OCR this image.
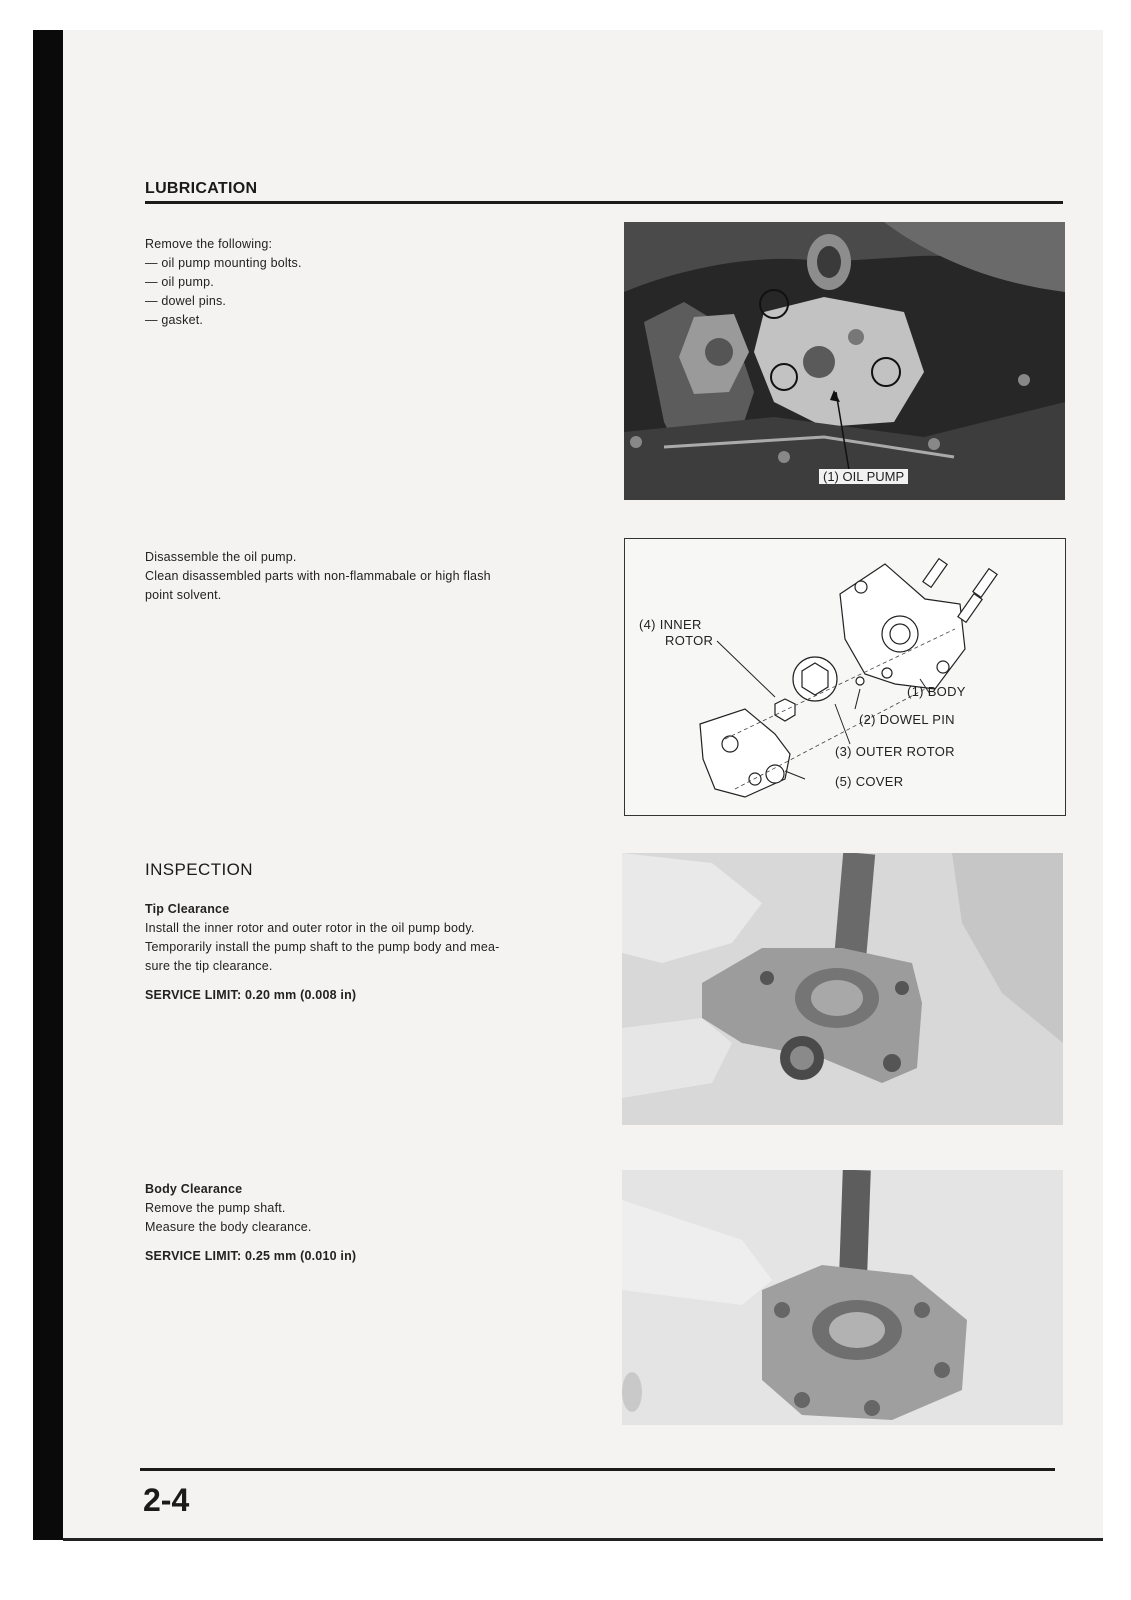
LUBRICATION

Remove the following:

— oil pump mounting bolts.

— oil pump.

— dowel pins.

— gasket.

(1) OIL PUMP

Disassemble the oil pump.

Clean disassembled parts with non-flammabale or high flash

point solvent.

(4) INNER
ROTOR
(1) BODY
(2) DOWEL PIN
(3) OUTER ROTOR
(5) COVER
INSPECTION

Tip Clearance

Install the inner rotor and outer rotor in the oil pump body.

Temporarily install the pump shaft to the pump body and mea-

sure the tip clearance.

SERVICE LIMIT: 0.20 mm (0.008 in)

Body Clearance

Remove the pump shaft.

Measure the body clearance.

SERVICE LIMIT: 0.25 mm (0.010 in)

2-4
